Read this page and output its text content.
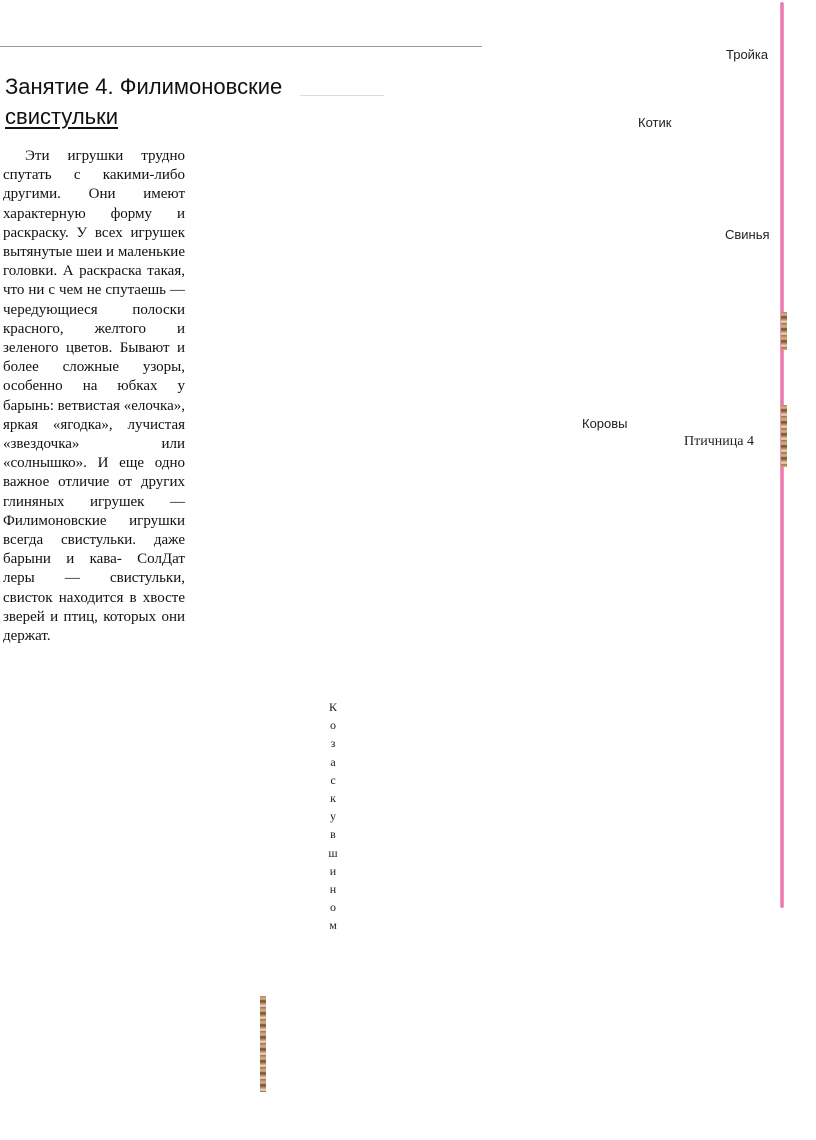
Занятие 4. Филимоновские
свистульки

Эти игрушки трудно спутать с какими-либо другими. Они имеют характерную форму и раскраску. У всех игрушек вытянутые шеи и маленькие головки. А раскраска такая, что ни с чем не спутаешь — чередующиеся полоски красного, желтого и зеленого цветов. Бывают и более сложные узоры, особенно на юбках у барынь: ветвистая «елочка», яркая «ягодка», лучистая «звездочка» или «солнышко». И еще одно важное отличие от других глиняных игрушек — Филимоновские игрушки всегда свистульки. даже барыни и кава- СолДат леры — свистульки, свисток находится в хвосте зверей и птиц, которых они держат.

Тройка
Котик
Свинья
Коровы
Птичница 4
К
о
з
а
с
к
у
в
ш
и
н
о
м
